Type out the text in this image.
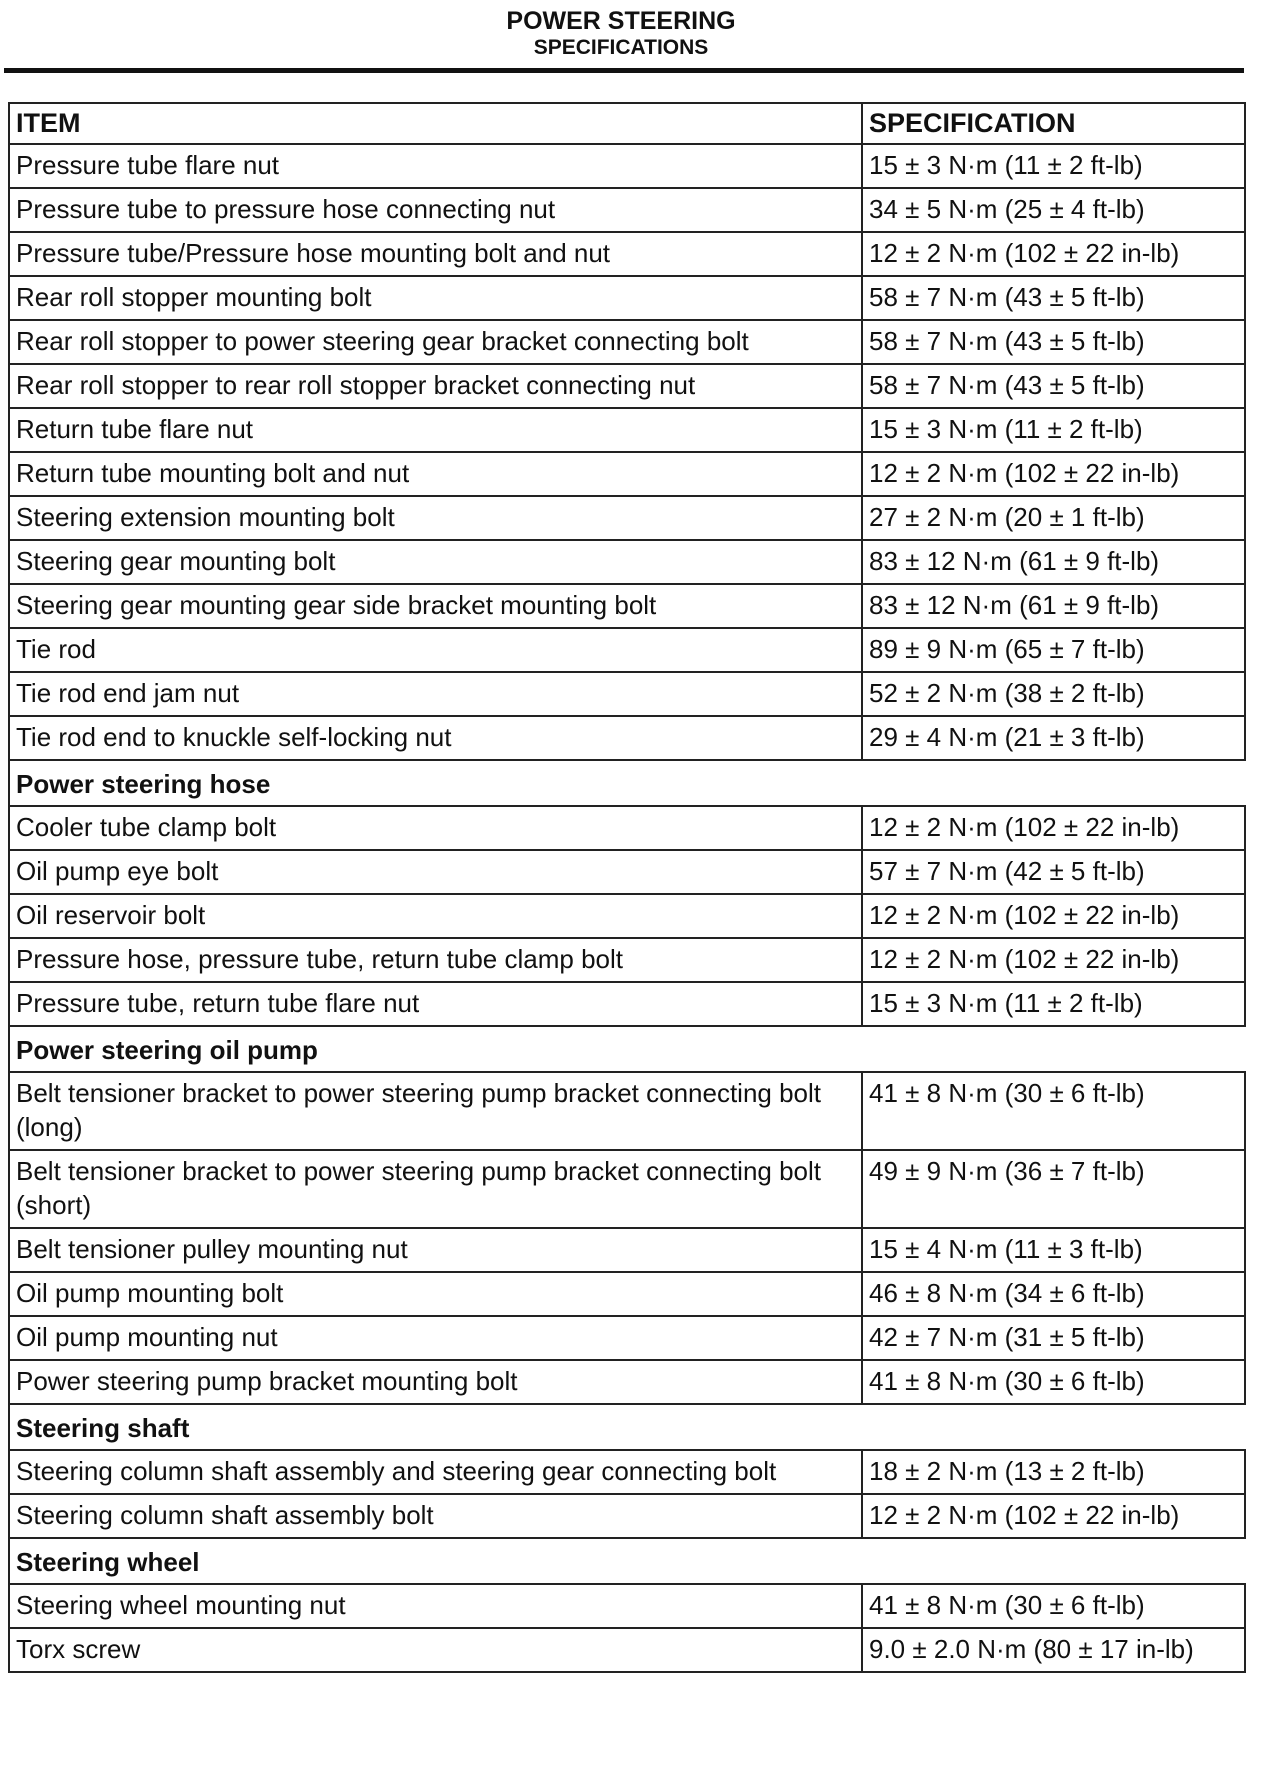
POWER STEERING
SPECIFICATIONS
ITEM	SPECIFICATION
Pressure tube flare nut	15 ± 3 N·m (11 ± 2 ft-lb)
Pressure tube to pressure hose connecting nut	34 ± 5 N·m (25 ± 4 ft-lb)
Pressure tube/Pressure hose mounting bolt and nut	12 ± 2 N·m (102 ± 22 in-lb)
Rear roll stopper mounting bolt	58 ± 7 N·m (43 ± 5 ft-lb)
Rear roll stopper to power steering gear bracket connecting bolt	58 ± 7 N·m (43 ± 5 ft-lb)
Rear roll stopper to rear roll stopper bracket connecting nut	58 ± 7 N·m (43 ± 5 ft-lb)
Return tube flare nut	15 ± 3 N·m (11 ± 2 ft-lb)
Return tube mounting bolt and nut	12 ± 2 N·m (102 ± 22 in-lb)
Steering extension mounting bolt	27 ± 2 N·m (20 ± 1 ft-lb)
Steering gear mounting bolt	83 ± 12 N·m (61 ± 9 ft-lb)
Steering gear mounting gear side bracket mounting bolt	83 ± 12 N·m (61 ± 9 ft-lb)
Tie rod	89 ± 9 N·m (65 ± 7 ft-lb)
Tie rod end jam nut	52 ± 2 N·m (38 ± 2 ft-lb)
Tie rod end to knuckle self-locking nut	29 ± 4 N·m (21 ± 3 ft-lb)
Power steering hose	
Cooler tube clamp bolt	12 ± 2 N·m (102 ± 22 in-lb)
Oil pump eye bolt	57 ± 7 N·m (42 ± 5 ft-lb)
Oil reservoir bolt	12 ± 2 N·m (102 ± 22 in-lb)
Pressure hose, pressure tube, return tube clamp bolt	12 ± 2 N·m (102 ± 22 in-lb)
Pressure tube, return tube flare nut	15 ± 3 N·m (11 ± 2 ft-lb)
Power steering oil pump	
Belt tensioner bracket to power steering pump bracket connecting bolt (long)	41 ± 8 N·m (30 ± 6 ft-lb)
Belt tensioner bracket to power steering pump bracket connecting bolt (short)	49 ± 9 N·m (36 ± 7 ft-lb)
Belt tensioner pulley mounting nut	15 ± 4 N·m (11 ± 3 ft-lb)
Oil pump mounting bolt	46 ± 8 N·m (34 ± 6 ft-lb)
Oil pump mounting nut	42 ± 7 N·m (31 ± 5 ft-lb)
Power steering pump bracket mounting bolt	41 ± 8 N·m (30 ± 6 ft-lb)
Steering shaft	
Steering column shaft assembly and steering gear connecting bolt	18 ± 2 N·m (13 ± 2 ft-lb)
Steering column shaft assembly bolt	12 ± 2 N·m (102 ± 22 in-lb)
Steering wheel	
Steering wheel mounting nut	41 ± 8 N·m (30 ± 6 ft-lb)
Torx screw	9.0 ± 2.0 N·m (80 ± 17 in-lb)
